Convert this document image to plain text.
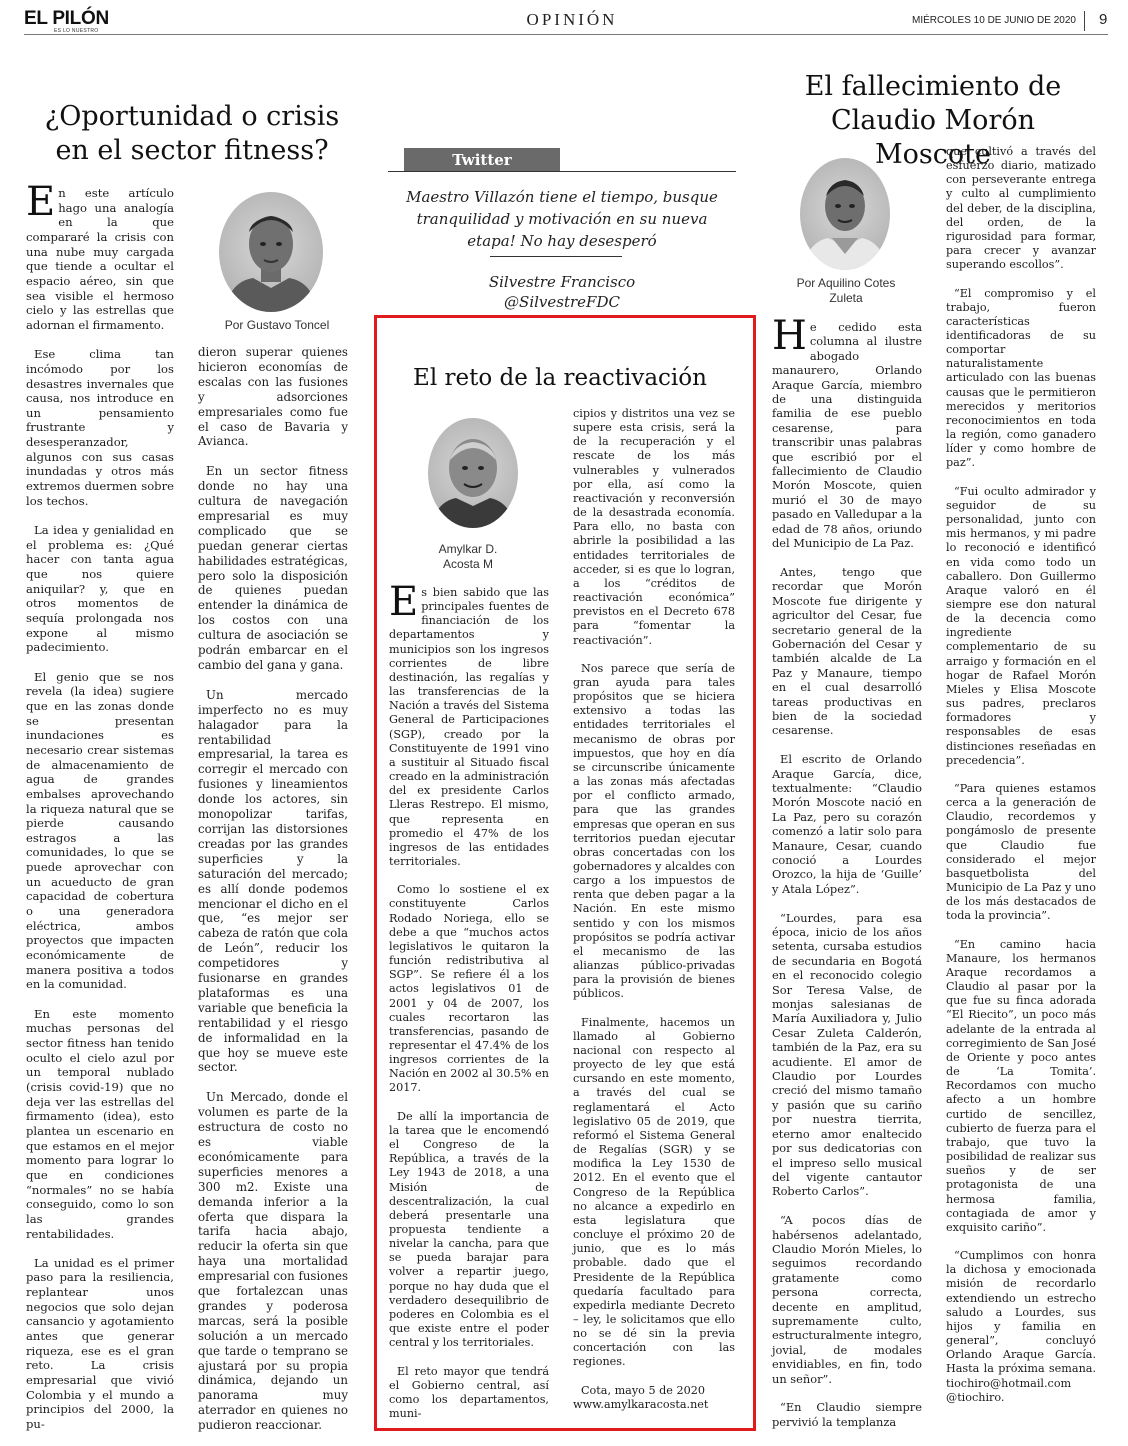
EL PILÓN
ES LO NUESTRO
OPINIÓN	MIÉRCOLES 10 DE JUNIO DE 2020 9
¿Oportunidad o crisis en el sector fitness?
Por Gustavo Toncel

En este artículo hago una analogía en la que compararé la crisis con una nube muy cargada que tiende a ocultar el espacio aéreo, sin que sea visible el hermoso cielo y las estrellas que adornan el firmamento.

Ese clima tan incómodo por los desastres invernales que causa, nos introduce en un pensamiento frustrante y desesperanzador, algunos con sus casas inundadas y otros más extremos duermen sobre los techos.

La idea y genialidad en el problema es: ¿Qué hacer con tanta agua que nos quiere aniquilar? y, que en otros momentos de sequía prolongada nos expone al mismo padecimiento.

El genio que se nos revela (la idea) sugiere que en las zonas donde se presentan inundaciones es necesario crear sistemas de almacenamiento de agua de grandes embalses aprovechando la riqueza natural que se pierde causando estragos a las comunidades, lo que se puede aprovechar con un acueducto de gran capacidad de cobertura o una generadora eléctrica, ambos proyectos que impacten económicamente de manera positiva a todos en la comunidad.

En este momento muchas personas del sector fitness han tenido oculto el cielo azul por un temporal nublado (crisis covid-19) que no deja ver las estrellas del firmamento (idea), esto plantea un escenario en que estamos en el mejor momento para lograr lo que en condiciones “normales” no se había conseguido, como lo son las grandes rentabilidades.

La unidad es el primer paso para la resiliencia, replantear unos negocios que solo dejan cansancio y agotamiento antes que generar riqueza, ese es el gran reto. La crisis empresarial que vivió Colombia y el mundo a principios del 2000, la pu-

dieron superar quienes hicieron economías de escalas con las fusiones y adsorciones empresariales como fue el caso de Bavaria y Avianca.

En un sector fitness donde no hay una cultura de navegación empresarial es muy complicado que se puedan generar ciertas habilidades estratégicas, pero solo la disposición de quienes puedan entender la dinámica de los costos con una cultura de asociación se podrán embarcar en el cambio del gana y gana.

Un mercado imperfecto no es muy halagador para la rentabilidad empresarial, la tarea es corregir el mercado con fusiones y lineamientos donde los actores, sin monopolizar tarifas, corrijan las distorsiones creadas por las grandes superficies y la saturación del mercado; es allí donde podemos mencionar el dicho en el que, “es mejor ser cabeza de ratón que cola de León”, reducir los competidores y fusionarse en grandes plataformas es una variable que beneficia la rentabilidad y el riesgo de informalidad en la que hoy se mueve este sector.

Un Mercado, donde el volumen es parte de la estructura de costo no es viable económicamente para superficies menores a 300 m2. Existe una demanda inferior a la oferta que dispara la tarifa hacia abajo, reducir la oferta sin que haya una mortalidad empresarial con fusiones que fortalezcan unas grandes y poderosa marcas, será la posible solución a un mercado que tarde o temprano se ajustará por su propia dinámica, dejando un panorama muy aterrador en quienes no pudieron reaccionar.

Twitter
Maestro Villazón tiene el tiempo, busque tranquilidad y motivación en su nueva etapa! No hay desesperó
Silvestre Francisco
@SilvestreFDC
El reto de la reactivación
Amylkar D.
Acosta M

Es bien sabido que las principales fuentes de financiación de los departamentos y municipios son los ingresos corrientes de libre destinación, las regalías y las transferencias de la Nación a través del Sistema General de Participaciones (SGP), creado por la Constituyente de 1991 vino a sustituir al Situado fiscal creado en la administración del ex presidente Carlos Lleras Restrepo. El mismo, que representa en promedio el 47% de los ingresos de las entidades territoriales.

Como lo sostiene el ex constituyente Carlos Rodado Noriega, ello se debe a que “muchos actos legislativos le quitaron la función redistributiva al SGP”. Se refiere él a los actos legislativos 01 de 2001 y 04 de 2007, los cuales recortaron las transferencias, pasando de representar el 47.4% de los ingresos corrientes de la Nación en 2002 al 30.5% en 2017.

De allí la importancia de la tarea que le encomendó el Congreso de la República, a través de la Ley 1943 de 2018, a una Misión de descentralización, la cual deberá presentarle una propuesta tendiente a nivelar la cancha, para que se pueda barajar para volver a repartir juego, porque no hay duda que el verdadero desequilibrio de poderes en Colombia es el que existe entre el poder central y los territoriales.

El reto mayor que tendrá el Gobierno central, así como los departamentos, muni-

cipios y distritos una vez se supere esta crisis, será la de la recuperación y el rescate de los más vulnerables y vulnerados por ella, así como la reactivación y reconversión de la desastrada economía. Para ello, no basta con abrirle la posibilidad a las entidades territoriales de acceder, si es que lo logran, a los “créditos de reactivación económica” previstos en el Decreto 678 para “fomentar la reactivación”.

Nos parece que sería de gran ayuda para tales propósitos que se hiciera extensivo a todas las entidades territoriales el mecanismo de obras por impuestos, que hoy en día se circunscribe únicamente a las zonas más afectadas por el conflicto armado, para que las grandes empresas que operan en sus territorios puedan ejecutar obras concertadas con los gobernadores y alcaldes con cargo a los impuestos de renta que deben pagar a la Nación. En este mismo sentido y con los mismos propósitos se podría activar el mecanismo de las alianzas público-privadas para la provisión de bienes públicos.

Finalmente, hacemos un llamado al Gobierno nacional con respecto al proyecto de ley que está cursando en este momento, a través del cual se reglamentará el Acto legislativo 05 de 2019, que reformó el Sistema General de Regalías (SGR) y se modifica la Ley 1530 de 2012. En el evento que el Congreso de la República no alcance a expedirlo en esta legislatura que concluye el próximo 20 de junio, que es lo más probable. dado que el Presidente de la República quedaría facultado para expedirla mediante Decreto – ley, le solicitamos que ello no se dé sin la previa concertación con las regiones.

Cota, mayo 5 de 2020

www.amylkaracosta.net

El fallecimiento de Claudio Morón Moscote
Por Aquilino Cotes Zuleta

He cedido esta columna al ilustre abogado manaurero, Orlando Araque García, miembro de una distinguida familia de ese pueblo cesarense, para transcribir unas palabras que escribió por el fallecimiento de Claudio Morón Moscote, quien murió el 30 de mayo pasado en Valledupar a la edad de 78 años, oriundo del Municipio de La Paz.

Antes, tengo que recordar que Morón Moscote fue dirigente y agricultor del Cesar, fue secretario general de la Gobernación del Cesar y también alcalde de La Paz y Manaure, tiempo en el cual desarrolló tareas productivas en bien de la sociedad cesarense.

El escrito de Orlando Araque García, dice, textualmente: “Claudio Morón Moscote nació en La Paz, pero su corazón comenzó a latir solo para Manaure, Cesar, cuando conoció a Lourdes Orozco, la hija de ‘Guille’ y Atala López”.

“Lourdes, para esa época, inicio de los años setenta, cursaba estudios de secundaria en Bogotá en el reconocido colegio Sor Teresa Valse, de monjas salesianas de María Auxiliadora y, Julio Cesar Zuleta Calderón, también de la Paz, era su acudiente. El amor de Claudio por Lourdes creció del mismo tamaño y pasión que su cariño por nuestra tierrita, eterno amor enaltecido por sus dedicatorias con el impreso sello musical del vigente cantautor Roberto Carlos”.

“A pocos días de habérsenos adelantado, Claudio Morón Mieles, lo seguimos recordando gratamente como persona correcta, decente en amplitud, supremamente culto, estructuralmente integro, jovial, de modales envidiables, en fin, todo un señor”.

“En Claudio siempre pervivió la templanza

que cultivó a través del esfuerzo diario, matizado con perseverante entrega y culto al cumplimiento del deber, de la disciplina, del orden, de la rigurosidad para formar, para crecer y avanzar superando escollos”.

“El compromiso y el trabajo, fueron características identificadoras de su comportar naturalistamente articulado con las buenas causas que le permitieron merecidos y meritorios reconocimientos en toda la región, como ganadero líder y como hombre de paz”.

“Fui oculto admirador y seguidor de su personalidad, junto con mis hermanos, y mi padre lo reconoció e identificó en vida como todo un caballero. Don Guillermo Araque valoró en él siempre ese don natural de la decencia como ingrediente complementario de su arraigo y formación en el hogar de Rafael Morón Mieles y Elisa Moscote sus padres, preclaros formadores y responsables de esas distinciones reseñadas en precedencia”.

“Para quienes estamos cerca a la generación de Claudio, recordemos y pongámoslo de presente que Claudio fue considerado el mejor basquetbolista del Municipio de La Paz y uno de los más destacados de toda la provincia”.

“En camino hacia Manaure, los hermanos Araque recordamos a Claudio al pasar por la que fue su finca adorada “El Riecito”, un poco más adelante de la entrada al corregimiento de San José de Oriente y poco antes de ‘La Tomita’. Recordamos con mucho afecto a un hombre curtido de sencillez, cubierto de fuerza para el trabajo, que tuvo la posibilidad de realizar sus sueños y de ser protagonista de una hermosa familia, contagiada de amor y exquisito cariño”.

“Cumplimos con honra la dichosa y emocionada misión de recordarlo extendiendo un estrecho saludo a Lourdes, sus hijos y familia en general”, concluyó Orlando Araque García. Hasta la próxima semana. tiochiro@hotmail.com @tiochiro.
